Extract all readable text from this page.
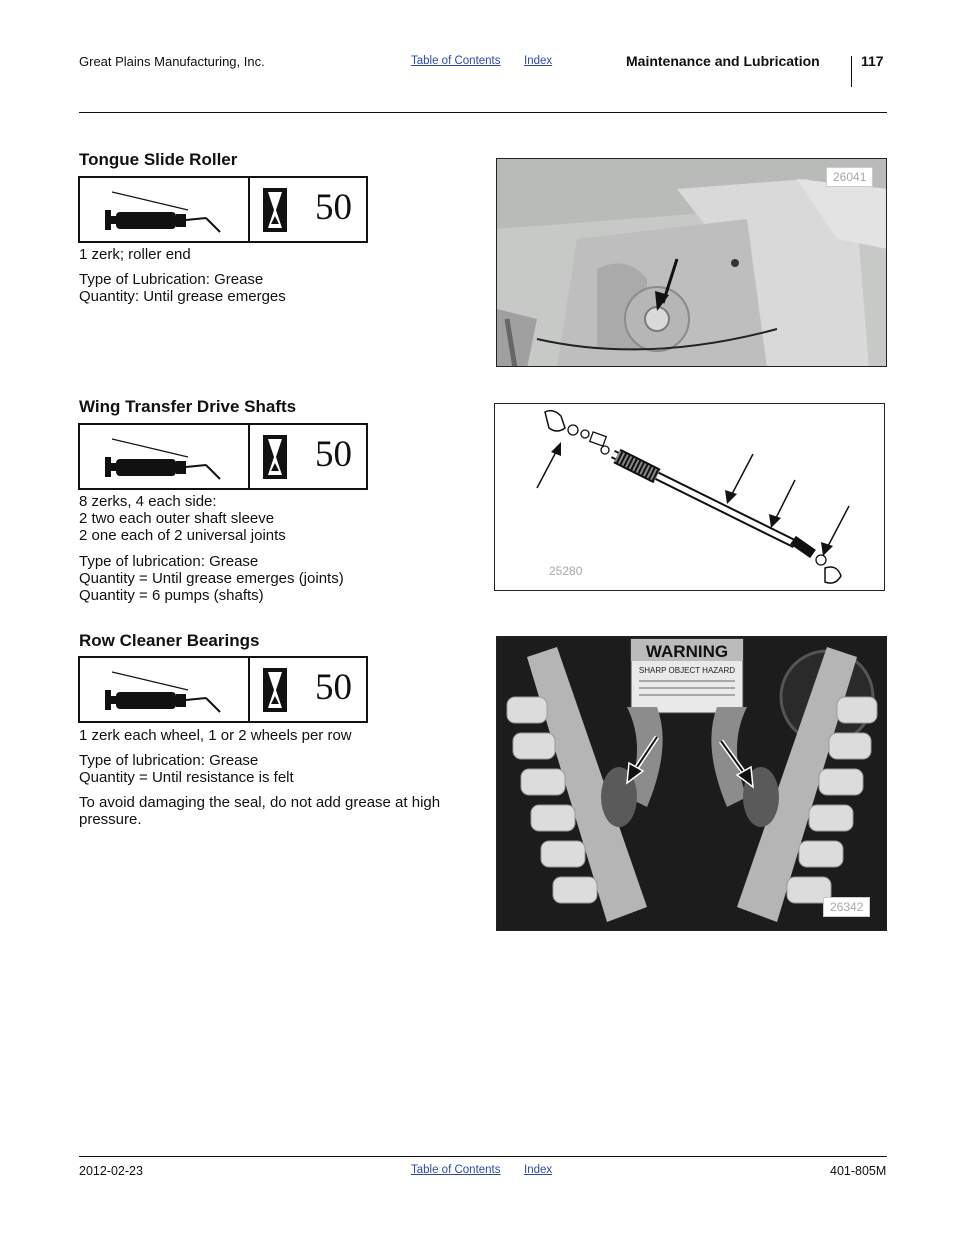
Great Plains Manufacturing, Inc.	Table of Contents Index	Maintenance and Lubrication	117
Tongue Slide Roller
50
1 zerk; roller end
Type of Lubrication: Grease
Quantity: Until grease emerges
26041
Wing Transfer Drive Shafts
50
8 zerks, 4 each side:
2 two each outer shaft sleeve
2 one each of 2 universal joints
Type of lubrication: Grease
Quantity = Until grease emerges (joints)
Quantity = 6 pumps (shafts)
25280
Row Cleaner Bearings
50
1 zerk each wheel, 1 or 2 wheels per row
Type of lubrication: Grease
Quantity = Until resistance is felt
To avoid damaging the seal, do not add grease at high
pressure.
WARNING
SHARP OBJECT HAZARD
26342
2012-02-23	Table of Contents Index	401-805M
